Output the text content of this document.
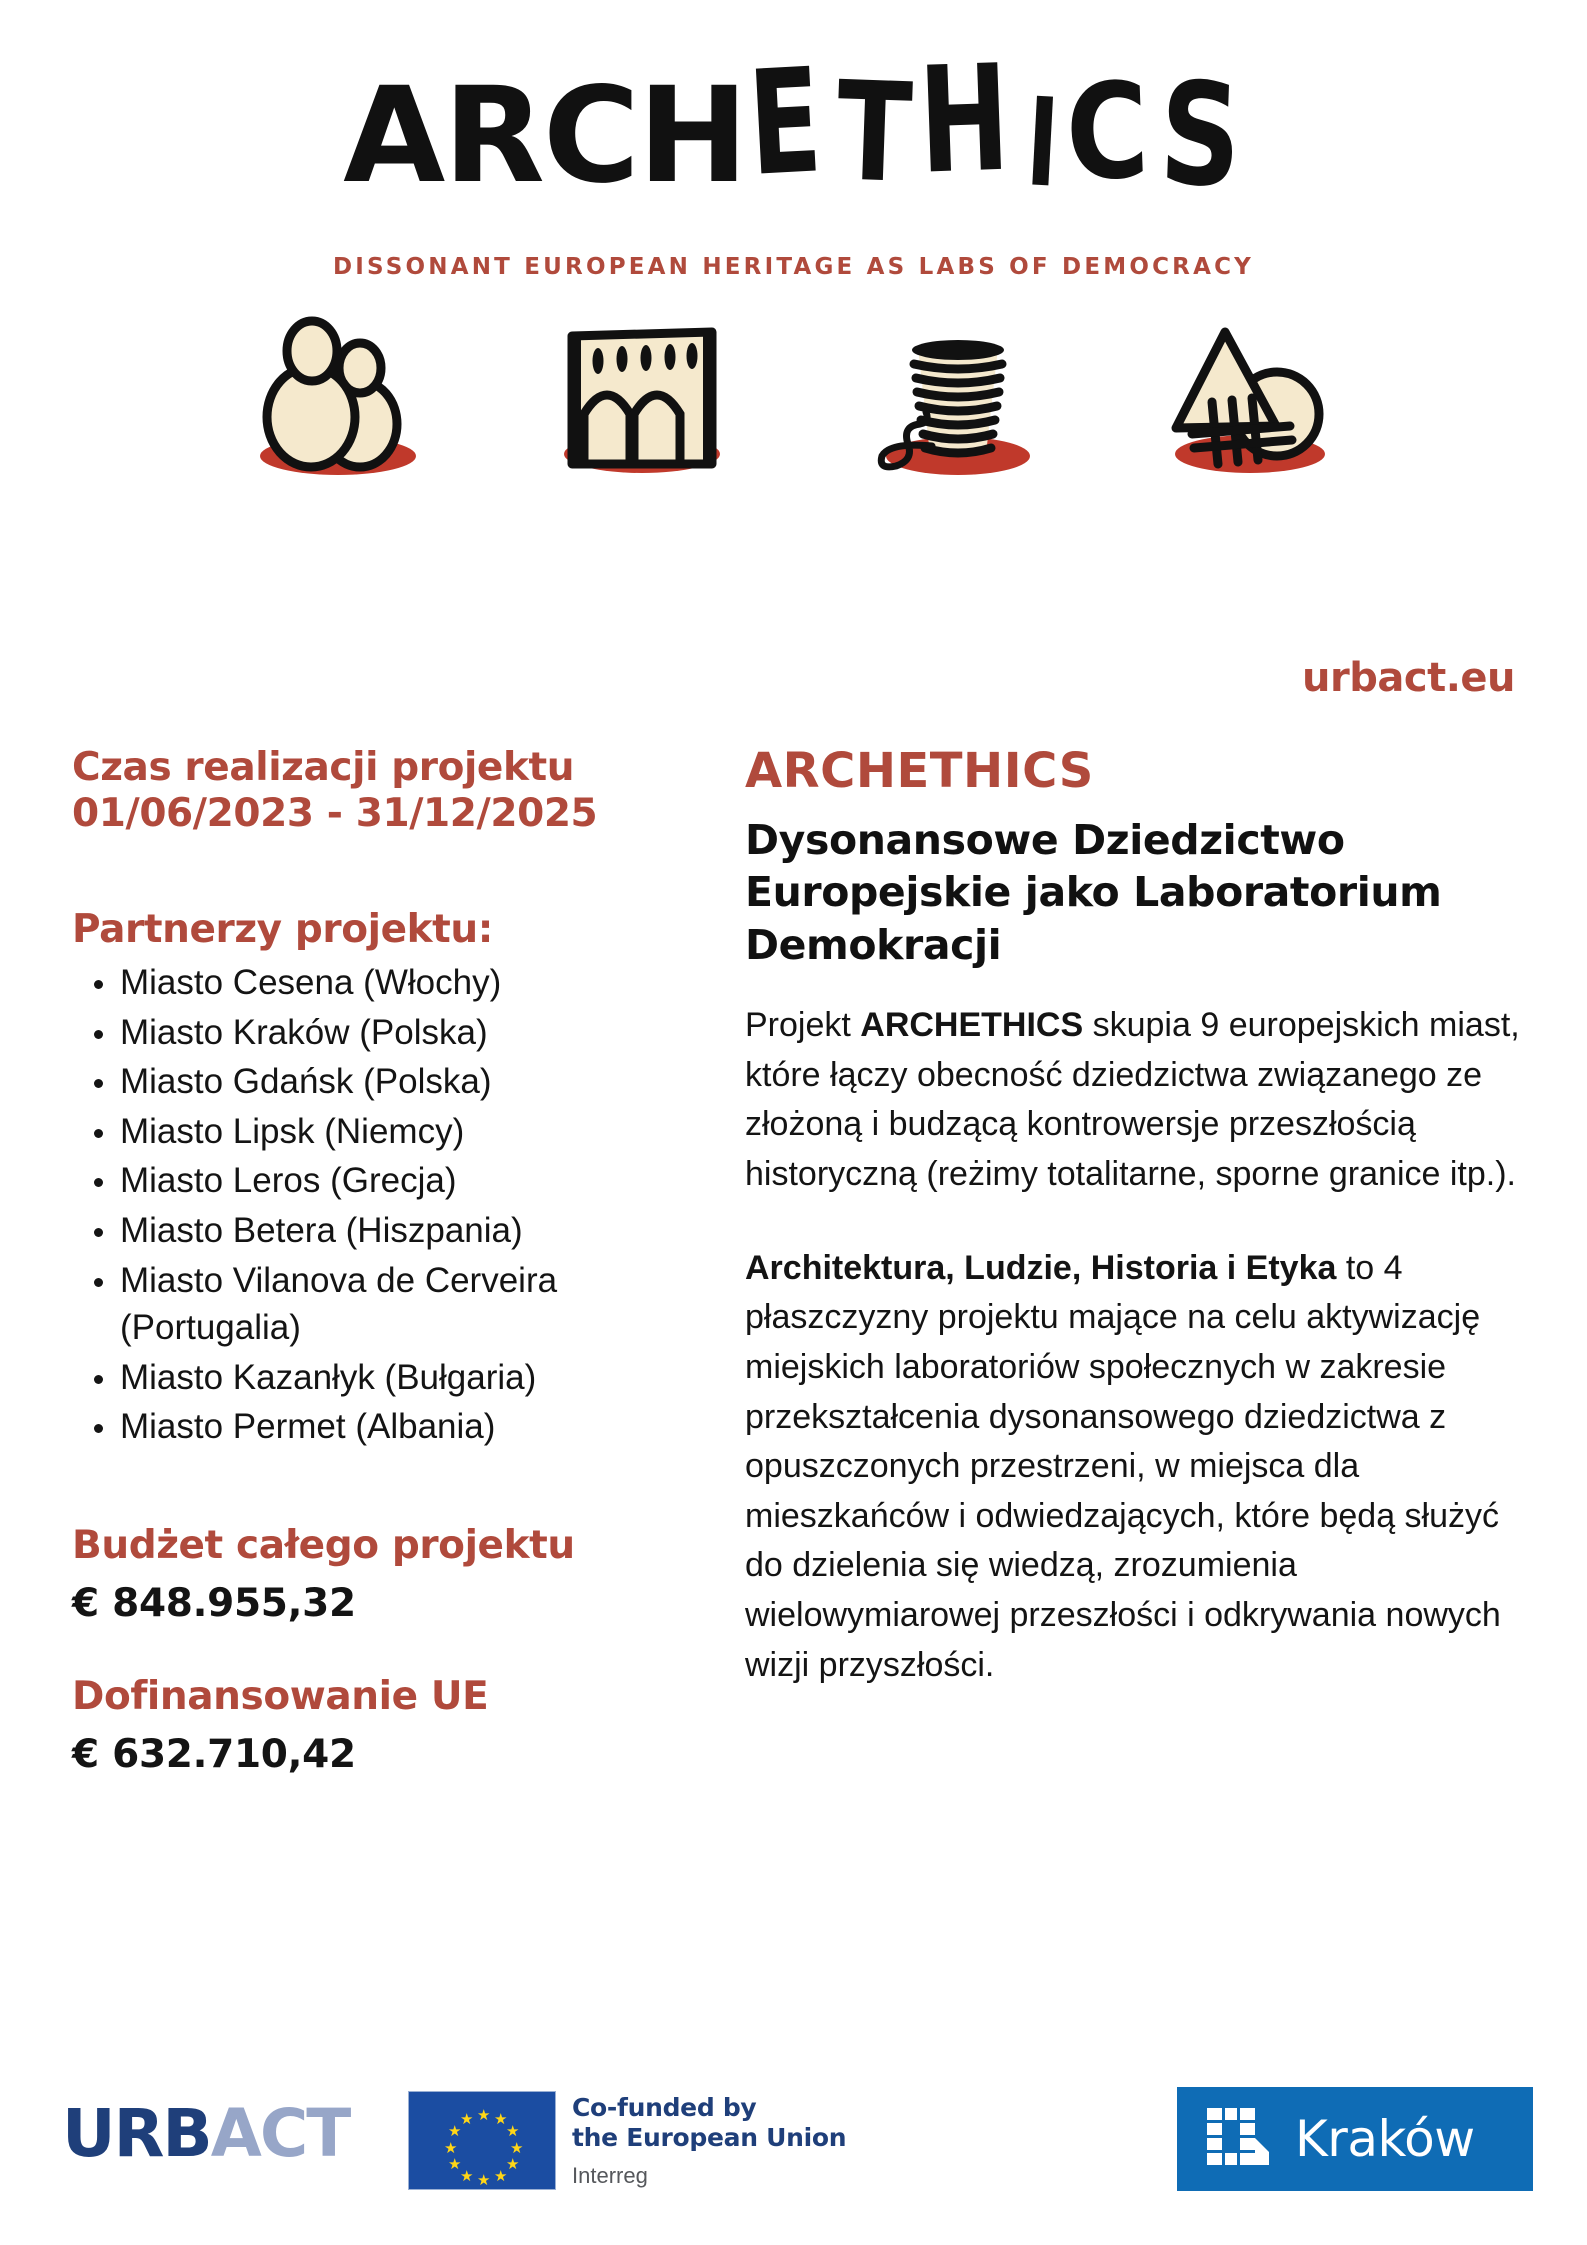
ARCHETHICS
DISSONANT EUROPEAN HERITAGE AS LABS OF DEMOCRACY
urbact.eu
Czas realizacji projektu
01/06/2023 - 31/12/2025
Partnerzy projektu:
Miasto Cesena (Włochy)
Miasto Kraków (Polska)
Miasto Gdańsk (Polska)
Miasto Lipsk (Niemcy)
Miasto Leros (Grecja)
Miasto Betera (Hiszpania)
Miasto Vilanova de Cerveira (Portugalia)
Miasto Kazanłyk (Bułgaria)
Miasto Permet (Albania)
Budżet całego projektu
€ 848.955,32
Dofinansowanie UE
€ 632.710,42
ARCHETHICS
Dysonansowe Dziedzictwo Europejskie jako Laboratorium Demokracji

Projekt ARCHETHICS skupia 9 europejskich miast, które łączy obecność dziedzictwa związanego ze złożoną i budzącą kontrowersje przeszłością historyczną (reżimy totalitarne, sporne granice itp.).

Architektura, Ludzie, Historia i Etyka to 4 płaszczyzny projektu mające na celu aktywizację miejskich laboratoriów społecznych w zakresie przekształcenia dysonansowego dziedzictwa z opuszczonych przestrzeni, w miejsca dla mieszkańców i odwiedzających, które będą służyć do dzielenia się wiedzą, zrozumienia wielowymiarowej przeszłości i odkrywania nowych wizji przyszłości.

URBACT	★ ★
★
★
★
★
★
★
★
★
★
★	Co-funded by
the European Union
Interreg
Kraków
